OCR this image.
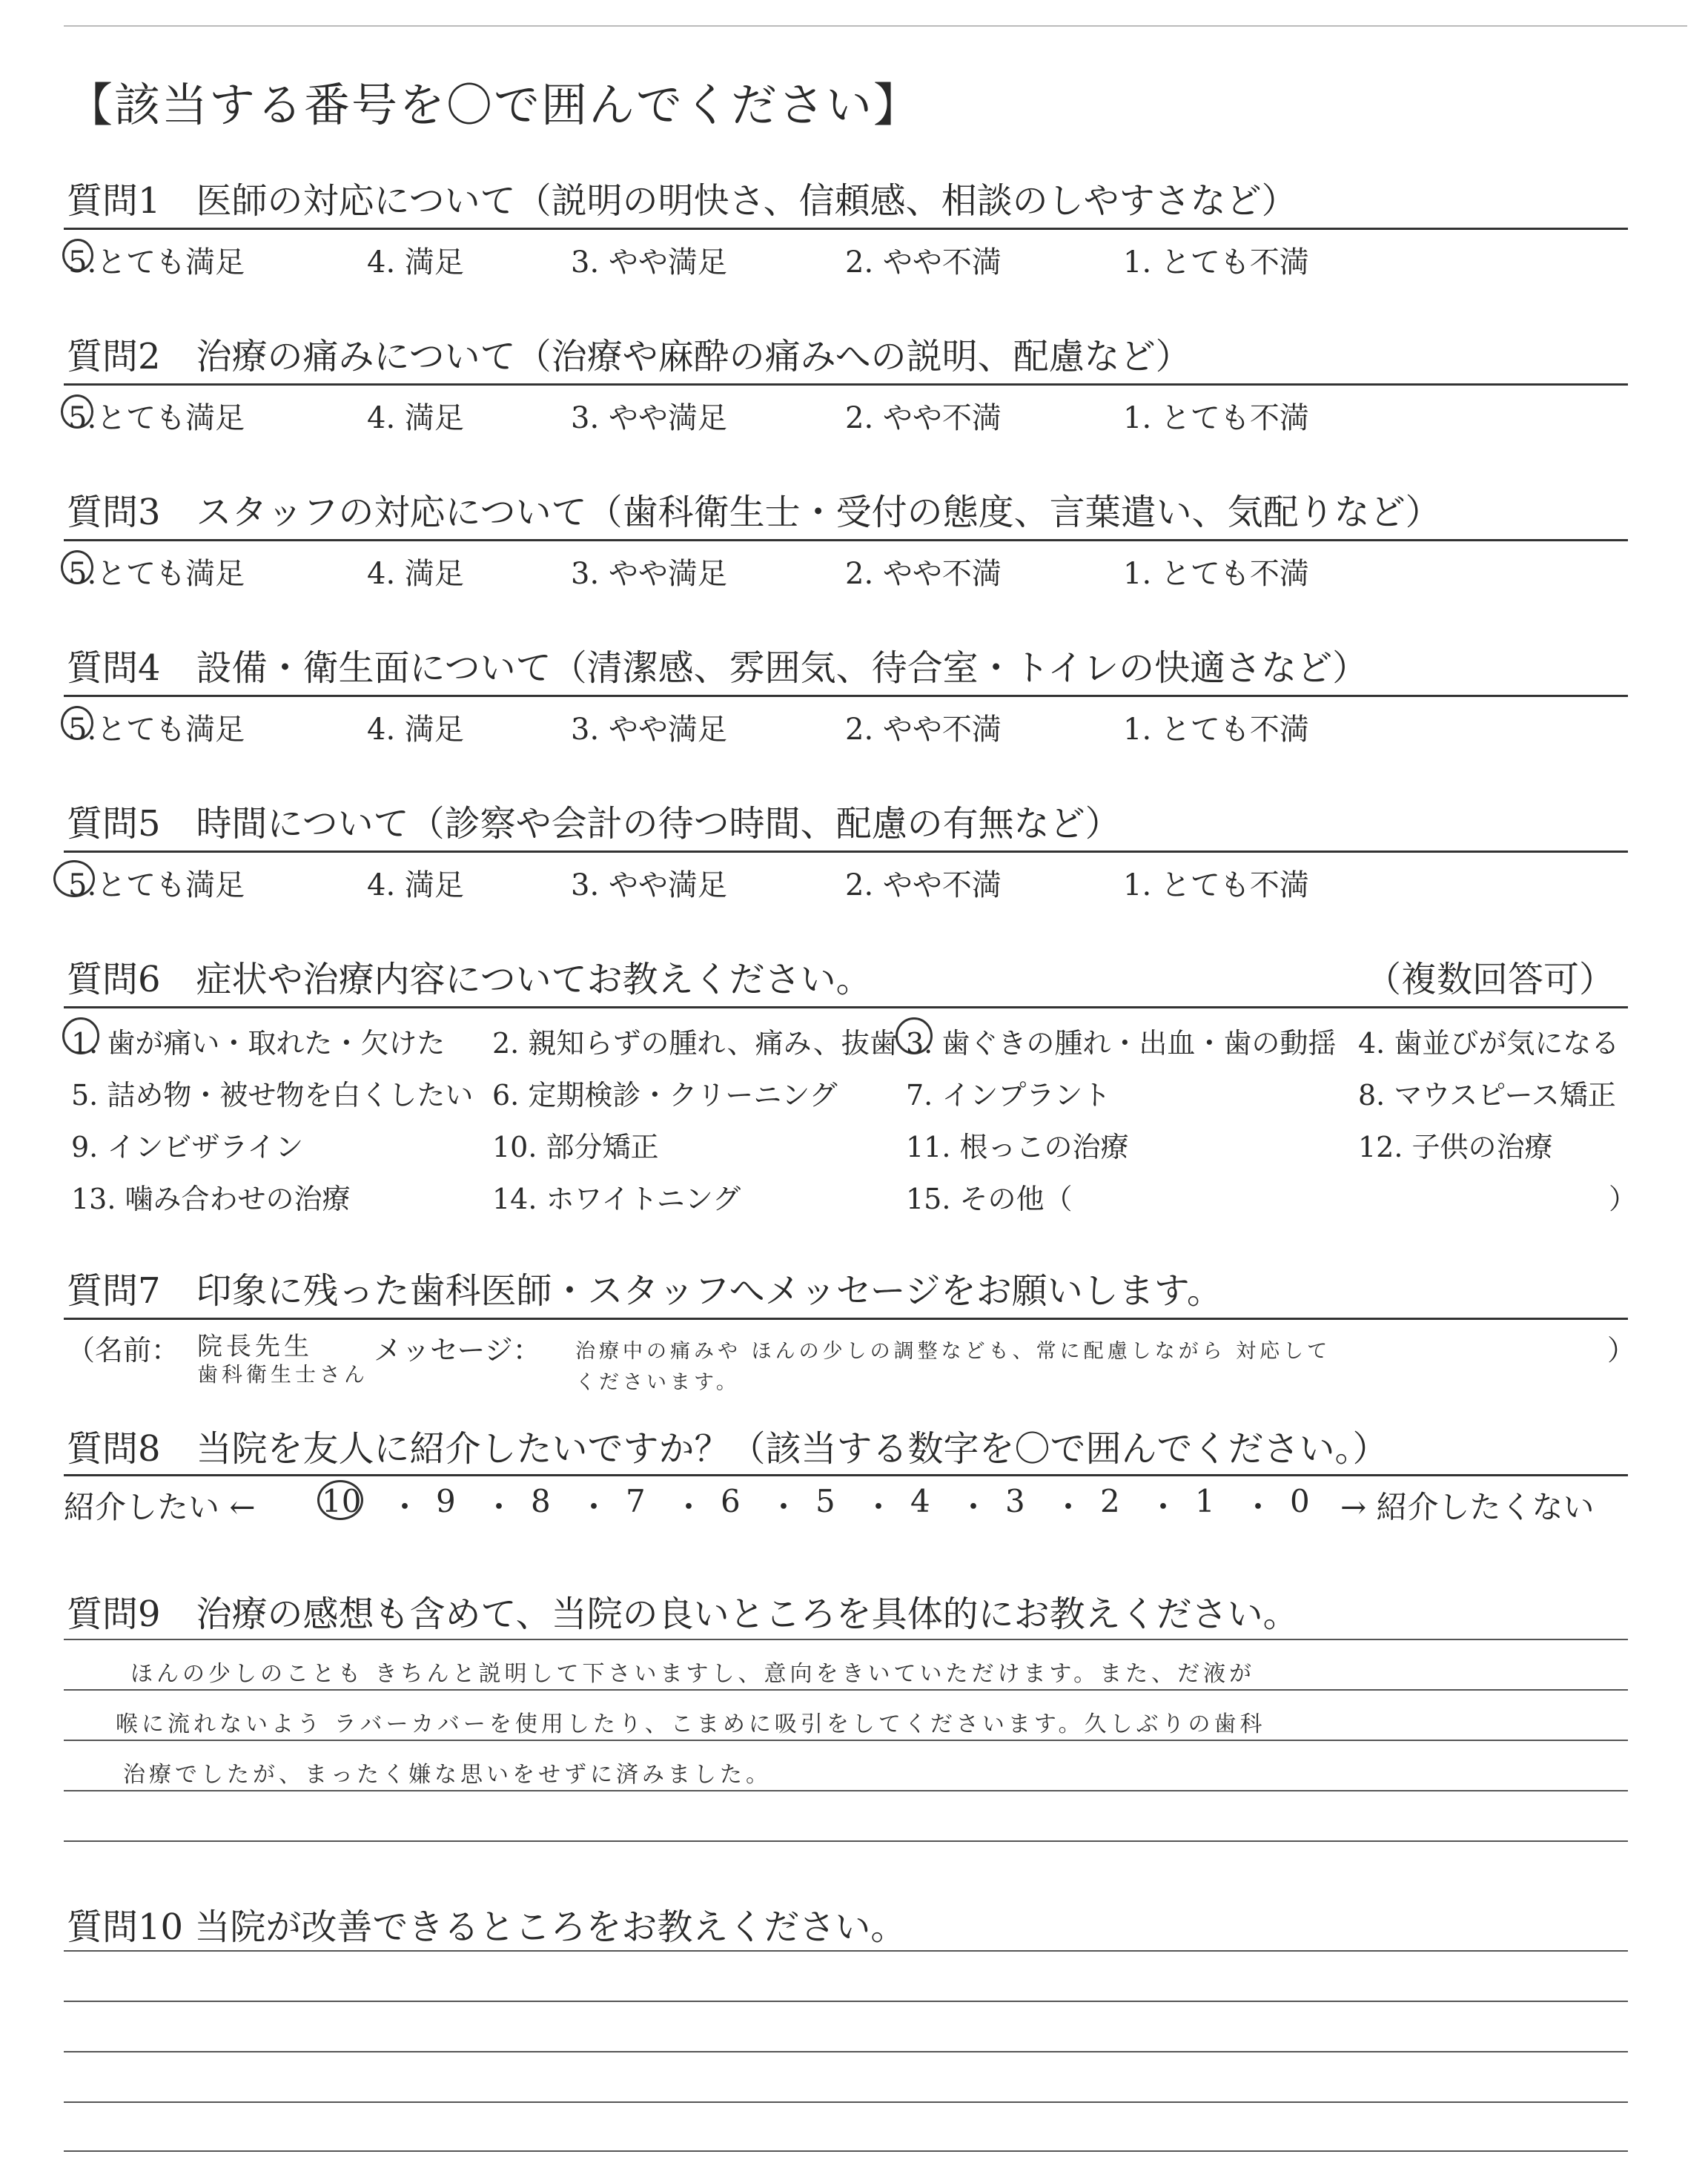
【該当する番号を〇で囲んでください】
質問1　医師の対応について（説明の明快さ、信頼感、相談のしやすさなど）
5.とても満足	4. 満足	3. やや満足	2. やや不満	1. とても不満
質問2　治療の痛みについて（治療や麻酔の痛みへの説明、配慮など）
5.とても満足	4. 満足	3. やや満足	2. やや不満	1. とても不満
質問3　スタッフの対応について（歯科衛生士・受付の態度、言葉遣い、気配りなど）
5.とても満足	4. 満足	3. やや満足	2. やや不満	1. とても不満
質問4　設備・衛生面について（清潔感、雰囲気、待合室・トイレの快適さなど）
5.とても満足	4. 満足	3. やや満足	2. やや不満	1. とても不満
質問5　時間について（診察や会計の待つ時間、配慮の有無など）
5.とても満足	4. 満足	3. やや満足	2. やや不満	1. とても不満
質問6　症状や治療内容についてお教えください。	（複数回答可）
1. 歯が痛い・取れた・欠けた 2. 親知らずの腫れ、痛み、抜歯 3. 歯ぐきの腫れ・出血・歯の動揺 4. 歯並びが気になる
5. 詰め物・被せ物を白くしたい 6. 定期検診・クリーニング 7. インプラント	8. マウスピース矯正
9. インビザライン	10. 部分矯正	11. 根っこの治療	12. 子供の治療
13. 噛み合わせの治療	14. ホワイトニング	15. その他（	）
質問7　印象に残った歯科医師・スタッフへメッセージをお願いします。
（名前： 院長先生
歯科衛生士さん
メッセージ： 治療中の痛みや ほんの少しの調整なども、常に配慮しながら 対応して
くださいます。
）
質問8　当院を友人に紹介したいですか？（該当する数字を〇で囲んでください。）
紹介したい ← 10 ・ 9 ・ 8 ・ 7 ・ 6 ・ 5 ・ 4 ・ 3 ・ 2 ・ 1 ・ 0 → 紹介したくない
質問9　治療の感想も含めて、当院の良いところを具体的にお教えください。
ほんの少しのことも きちんと説明して下さいますし、意向をきいていただけます。また、だ液が
喉に流れないよう ラバーカバーを使用したり、こまめに吸引をしてくださいます。久しぶりの歯科
治療でしたが、まったく嫌な思いをせずに済みました。
質問10 当院が改善できるところをお教えください。
